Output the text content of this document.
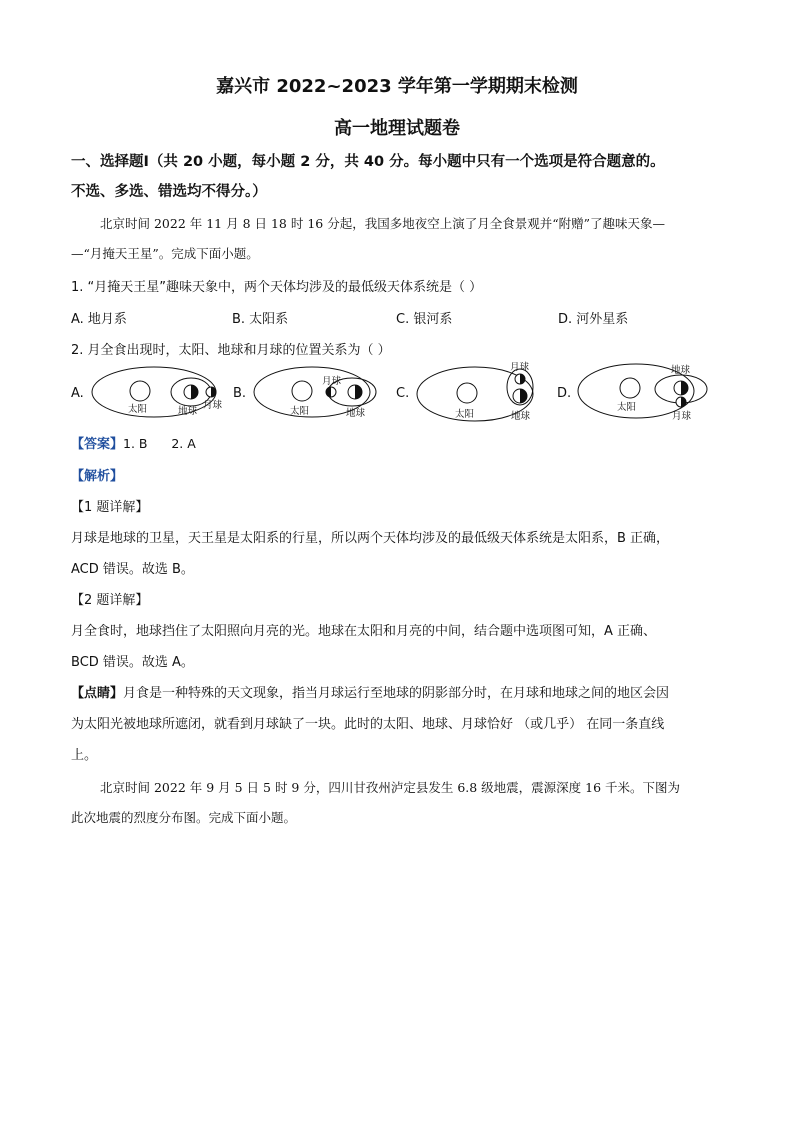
嘉兴市 2022~2023 学年第一学期期末检测
高一地理试题卷
一、选择题Ⅰ（共 20 小题，每小题 2 分，共 40 分。每小题中只有一个选项是符合题意的。
不选、多选、错选均不得分。）
北京时间 2022 年 11 月 8 日 18 时 16 分起，我国多地夜空上演了月全食景观并“附赠”了趣味天象—
—“月掩天王星”。完成下面小题。
1. “月掩天王星”趣味天象中，两个天体均涉及的最低级天体系统是（ ）
A. 地月系	B. 太阳系	C. 银河系	D. 河外星系
2. 月全食出现时，太阳、地球和月球的位置关系为（ ）
A.
太阳	地球
月球
B.
太阳
月球
地球
C.
月球
太阳	地球
D.
地球
太阳
月球
【答案】1. B      2. A
【解析】
【1 题详解】
月球是地球的卫星，天王星是太阳系的行星，所以两个天体均涉及的最低级天体系统是太阳系，B 正确，
ACD 错误。故选 B。
【2 题详解】
月全食时，地球挡住了太阳照向月亮的光。地球在太阳和月亮的中间，结合题中选项图可知，A 正确、
BCD 错误。故选 A。
【点睛】月食是一种特殊的天文现象，指当月球运行至地球的阴影部分时，在月球和地球之间的地区会因
为太阳光被地球所遮闭，就看到月球缺了一块。此时的太阳、地球、月球恰好 （或几乎） 在同一条直线
上。
北京时间 2022 年 9 月 5 日 5 时 9 分，四川甘孜州泸定县发生 6.8 级地震，震源深度 16 千米。下图为
此次地震的烈度分布图。完成下面小题。
